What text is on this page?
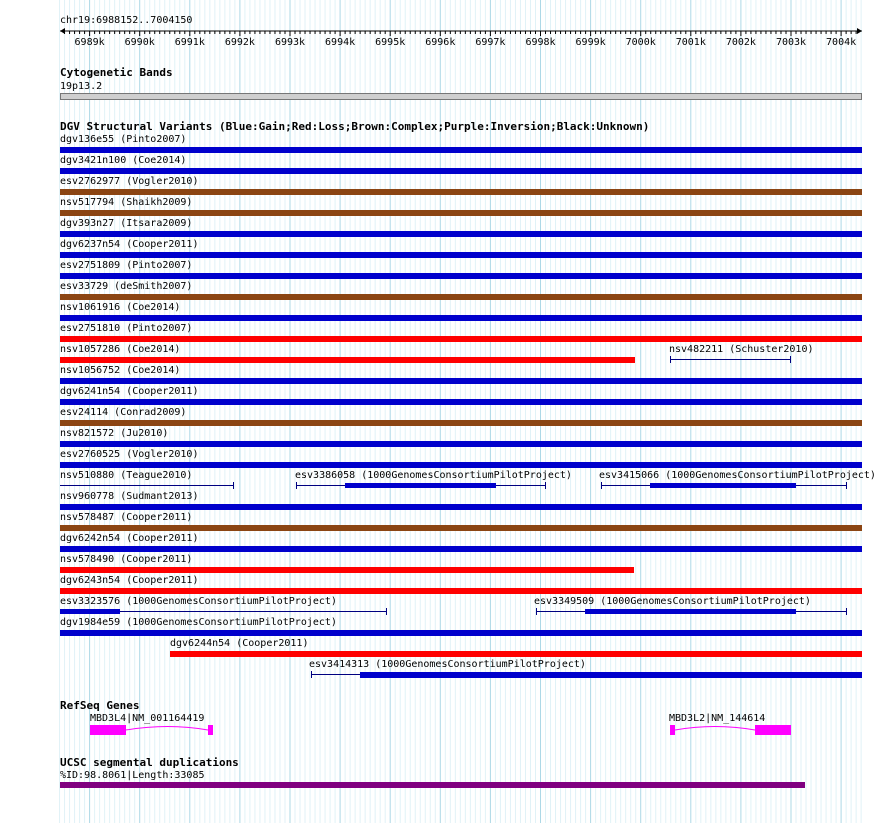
chr19:6988152..7004150
6989k 6990k 6991k 6992k 6993k 6994k 6995k 6996k 6997k 6998k 6999k 7000k 7001k 7002k 7003k 7004k
Cytogenetic Bands
19p13.2
DGV Structural Variants (Blue:Gain;Red:Loss;Brown:Complex;Purple:Inversion;Black:Unknown)
dgv136e55 (Pinto2007)
dgv3421n100 (Coe2014)
esv2762977 (Vogler2010)
nsv517794 (Shaikh2009)
dgv393n27 (Itsara2009)
dgv6237n54 (Cooper2011)
esv2751809 (Pinto2007)
esv33729 (deSmith2007)
nsv1061916 (Coe2014)
esv2751810 (Pinto2007)
nsv1057286 (Coe2014)	nsv482211 (Schuster2010)
nsv1056752 (Coe2014)
dgv6241n54 (Cooper2011)
esv24114 (Conrad2009)
nsv821572 (Ju2010)
esv2760525 (Vogler2010)
nsv510880 (Teague2010)	esv3386058 (1000GenomesConsortiumPilotProject)	esv3415066 (1000GenomesConsortiumPilotProject)
nsv960778 (Sudmant2013)
nsv578487 (Cooper2011)
dgv6242n54 (Cooper2011)
nsv578490 (Cooper2011)
dgv6243n54 (Cooper2011)
esv3323576 (1000GenomesConsortiumPilotProject)	esv3349509 (1000GenomesConsortiumPilotProject)
dgv1984e59 (1000GenomesConsortiumPilotProject)
dgv6244n54 (Cooper2011)
esv3414313 (1000GenomesConsortiumPilotProject)
RefSeq Genes
MBD3L4|NM_001164419	MBD3L2|NM_144614
UCSC segmental duplications
%ID:98.8061|Length:33085
